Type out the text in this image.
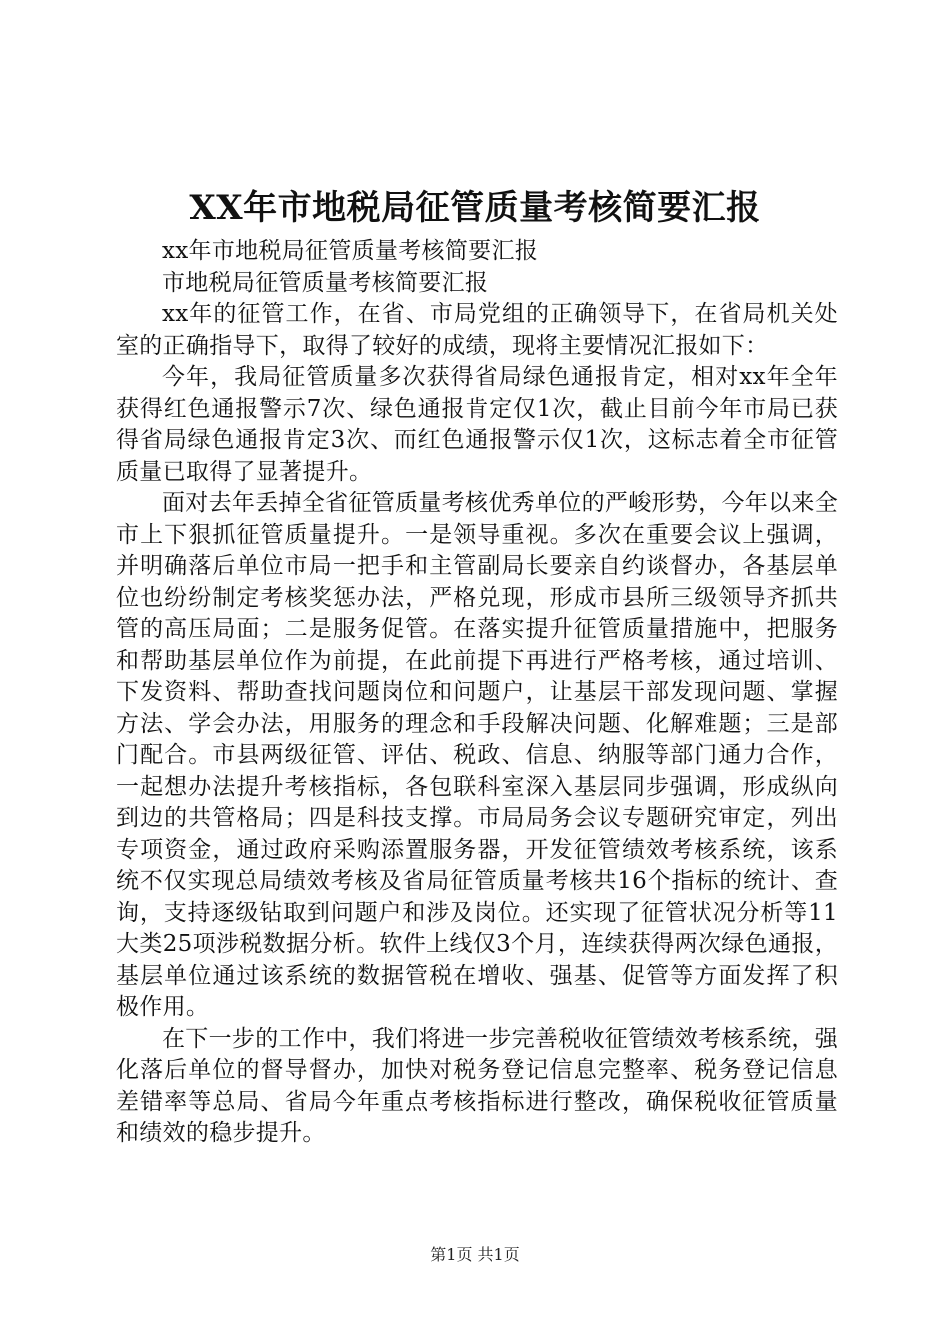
XX年市地税局征管质量考核简要汇报

xx年市地税局征管质量考核简要汇报

市地税局征管质量考核简要汇报

xx年的征管工作，在省、市局党组的正确领导下，在省局机关处室的正确指导下，取得了较好的成绩，现将主要情况汇报如下：

今年，我局征管质量多次获得省局绿色通报肯定，相对xx年全年获得红色通报警示7次、绿色通报肯定仅1次，截止目前今年市局已获得省局绿色通报肯定3次、而红色通报警示仅1次，这标志着全市征管质量已取得了显著提升。

面对去年丢掉全省征管质量考核优秀单位的严峻形势，今年以来全市上下狠抓征管质量提升。一是领导重视。多次在重要会议上强调，并明确落后单位市局一把手和主管副局长要亲自约谈督办，各基层单位也纷纷制定考核奖惩办法，严格兑现，形成市县所三级领导齐抓共管的高压局面；二是服务促管。在落实提升征管质量措施中，把服务和帮助基层单位作为前提，在此前提下再进行严格考核，通过培训、下发资料、帮助查找问题岗位和问题户，让基层干部发现问题、掌握方法、学会办法，用服务的理念和手段解决问题、化解难题；三是部门配合。市县两级征管、评估、税政、信息、纳服等部门通力合作，一起想办法提升考核指标，各包联科室深入基层同步强调，形成纵向到边的共管格局；四是科技支撑。市局局务会议专题研究审定，列出专项资金，通过政府采购添置服务器，开发征管绩效考核系统，该系统不仅实现总局绩效考核及省局征管质量考核共16个指标的统计、查询，支持逐级钻取到问题户和涉及岗位。还实现了征管状况分析等11大类25项涉税数据分析。软件上线仅3个月，连续获得两次绿色通报，基层单位通过该系统的数据管税在增收、强基、促管等方面发挥了积极作用。

在下一步的工作中，我们将进一步完善税收征管绩效考核系统，强化落后单位的督导督办，加快对税务登记信息完整率、税务登记信息差错率等总局、省局今年重点考核指标进行整改，确保税收征管质量和绩效的稳步提升。

第1页 共1页
